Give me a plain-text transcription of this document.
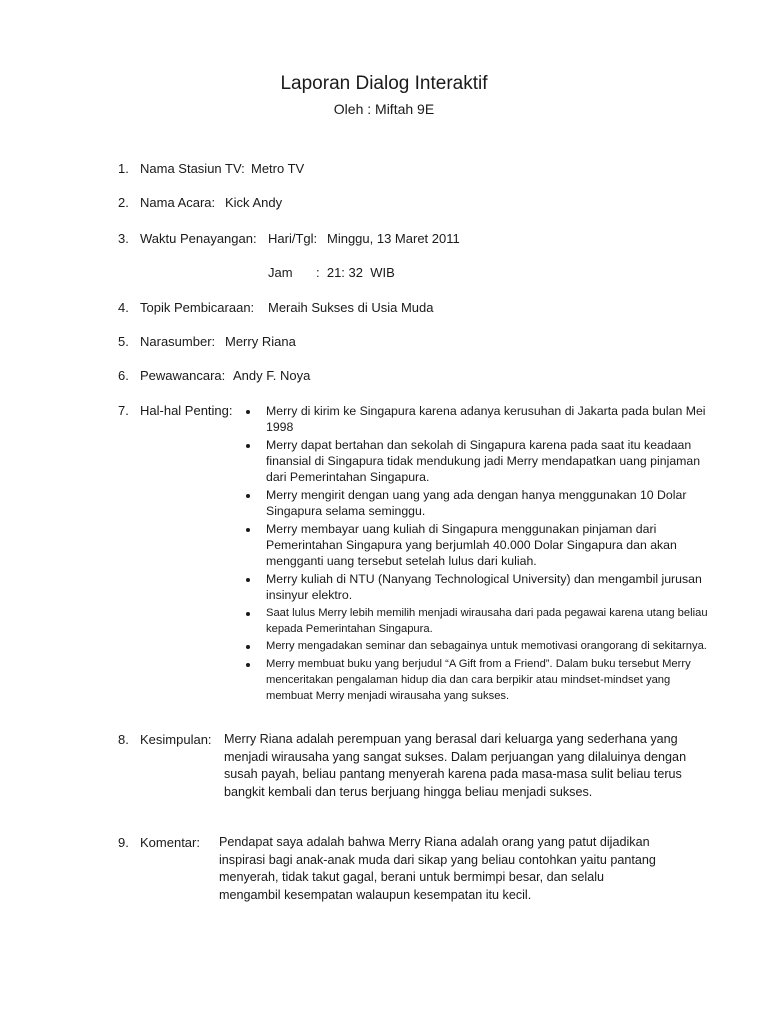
Laporan Dialog Interaktif
Oleh : Miftah 9E
1. Nama Stasiun TV: Metro TV
2. Nama Acara: Kick Andy
3. Waktu Penayangan: Hari/Tgl: Minggu, 13 Maret 2011
Jam :  21: 32  WIB
4. Topik Pembicaraan: Meraih Sukses di Usia Muda
5. Narasumber: Merry Riana
6. Pewawancara: Andy F. Noya
7. Hal-hal Penting:	Merry di kirim ke Singapura karena adanya kerusuhan di Jakarta pada bulan Mei 1998
Merry dapat bertahan dan sekolah di Singapura karena pada saat itu keadaan finansial di Singapura tidak mendukung jadi Merry mendapatkan uang pinjaman dari Pemerintahan Singapura.
Merry mengirit dengan uang yang ada dengan hanya menggunakan 10 Dolar Singapura selama seminggu.
Merry membayar uang kuliah di Singapura menggunakan pinjaman dari Pemerintahan Singapura yang berjumlah 40.000 Dolar Singapura dan akan mengganti uang tersebut setelah lulus dari kuliah.
Merry kuliah di NTU (Nanyang Technological University) dan mengambil jurusan insinyur elektro.
Saat lulus Merry lebih memilih menjadi wirausaha dari pada pegawai karena utang beliau kepada Pemerintahan Singapura.
Merry mengadakan seminar dan sebagainya untuk memotivasi orangorang di sekitarnya.
Merry membuat buku yang berjudul “A Gift from a Friend”. Dalam buku tersebut Merry menceritakan pengalaman hidup dia dan cara berpikir atau mindset-mindset yang membuat Merry menjadi wirausaha yang sukses.
8. Kesimpulan: Merry Riana adalah perempuan yang berasal dari keluarga yang sederhana yang menjadi wirausaha yang sangat sukses. Dalam perjuangan yang dilaluinya dengan susah payah, beliau pantang menyerah karena pada masa-masa sulit beliau terus bangkit kembali dan terus berjuang hingga beliau menjadi sukses.
9. Komentar: Pendapat saya adalah bahwa Merry Riana adalah orang yang patut dijadikan inspirasi bagi anak-anak muda dari sikap yang beliau contohkan yaitu pantang menyerah, tidak takut gagal, berani untuk bermimpi besar, dan selalu mengambil kesempatan walaupun kesempatan itu kecil.
